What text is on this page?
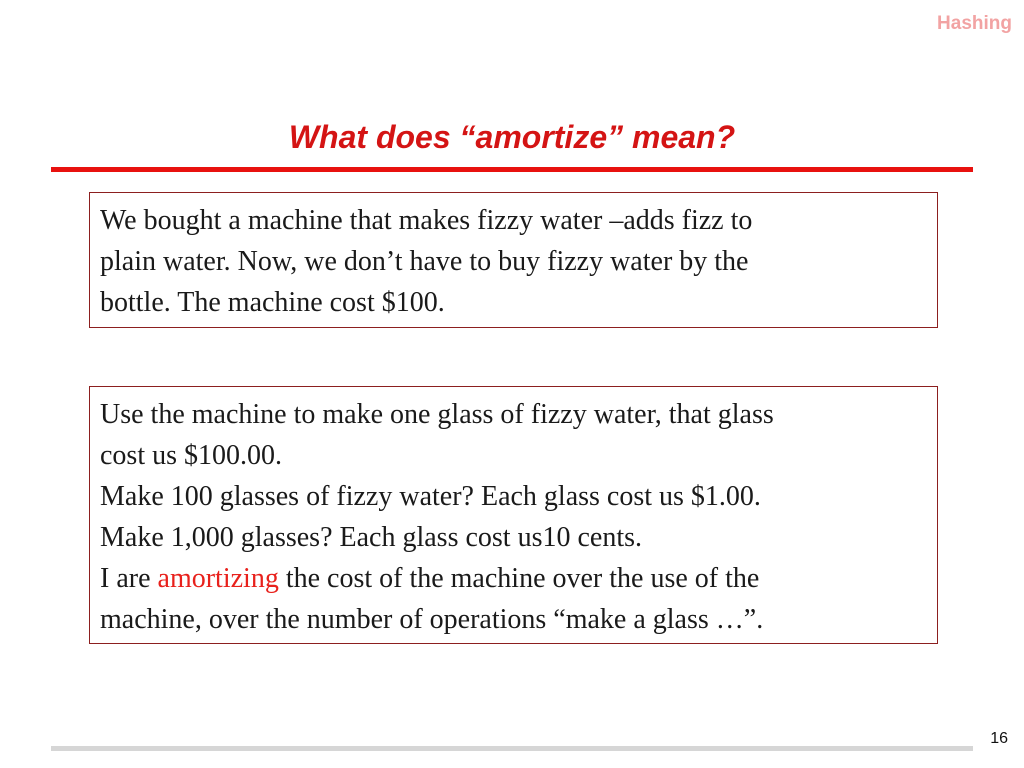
Hashing
What does “amortize” mean?
We bought a machine that makes fizzy water –adds fizz to
plain water. Now, we don’t have to buy fizzy water by the
bottle. The machine cost $100.
Use the machine to make one glass of fizzy water, that glass
cost us $100.00.
Make 100 glasses of fizzy water? Each glass cost us $1.00.
Make 1,000 glasses? Each glass cost us10 cents.
I are amortizing the cost of the machine over the use of the
machine, over the number of operations “make a glass …”.
16
